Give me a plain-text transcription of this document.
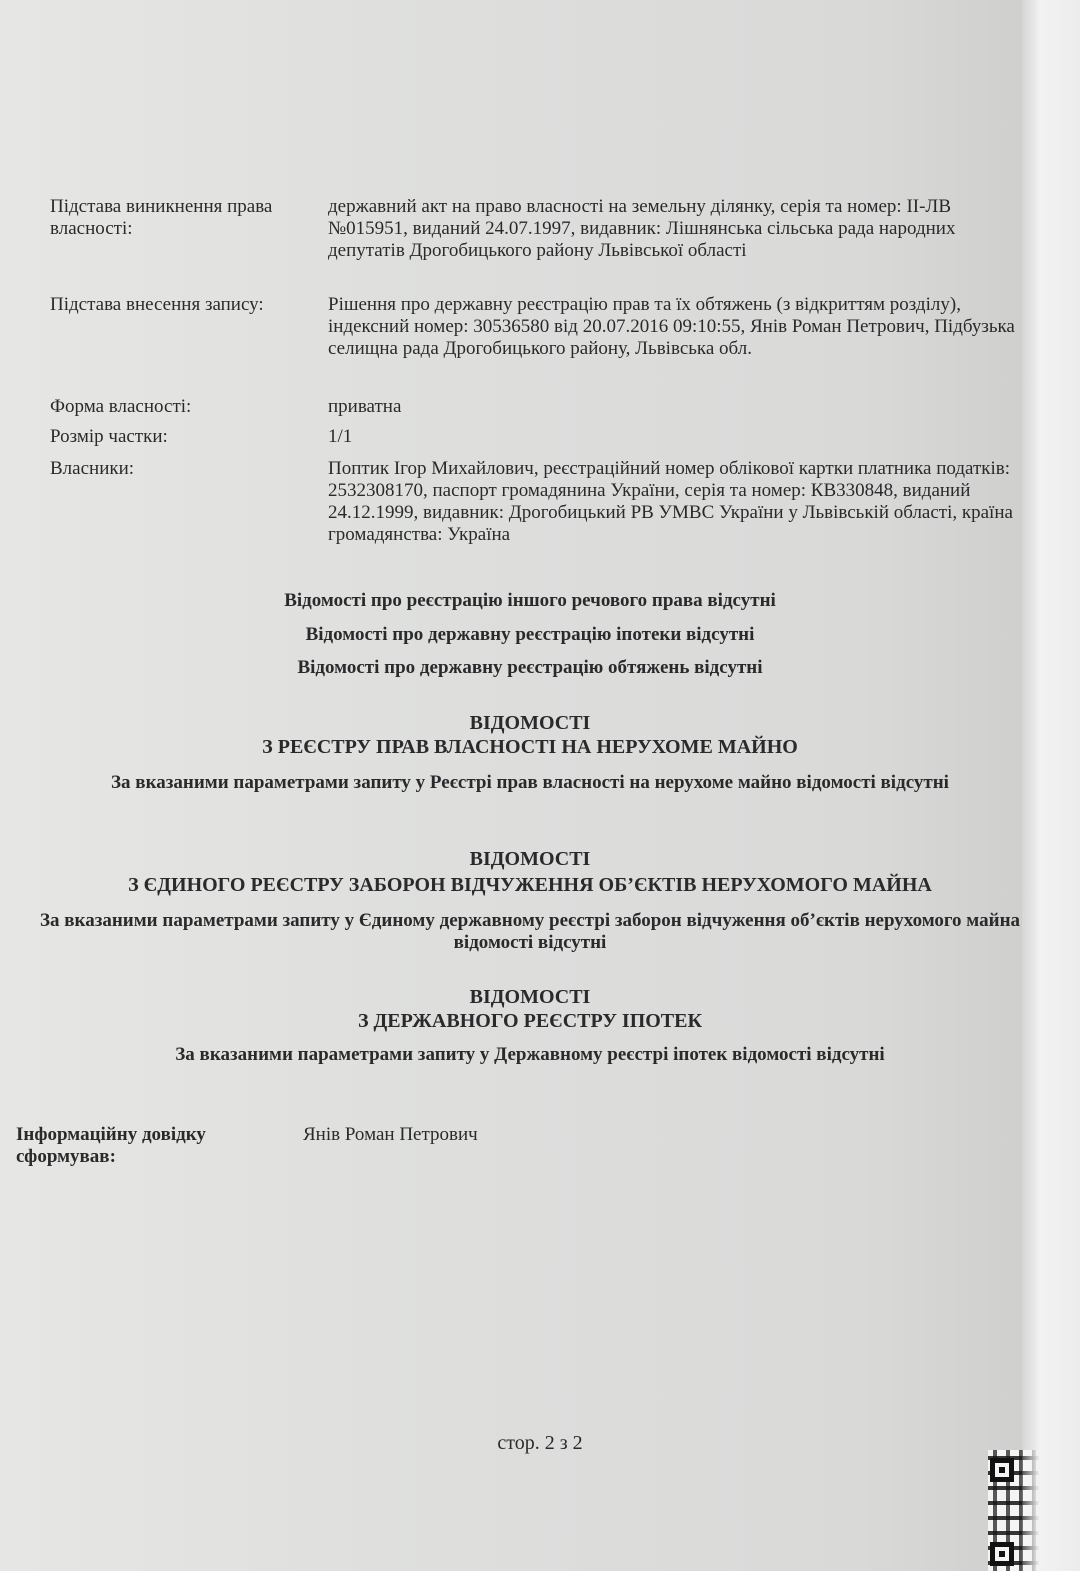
Підстава виникнення права власності:
державний акт на право власності на земельну ділянку, серія та номер: ІІ-ЛВ №015951, виданий 24.07.1997, видавник: Лішнянська сільська рада народних депутатів Дрогобицького району Львівської області
Підстава внесення запису:	Рішення про державну реєстрацію прав та їх обтяжень (з відкриттям розділу), індексний номер: 30536580 від 20.07.2016 09:10:55, Янів Роман Петрович, Підбузька селищна рада Дрогобицького району, Львівська обл.
Форма власності:	приватна
Розмір частки:	1/1
Власники:	Поптик Ігор Михайлович, реєстраційний номер облікової картки платника податків: 2532308170, паспорт громадянина України, серія та номер: КВ330848, виданий 24.12.1999, видавник: Дрогобицький РВ УМВС України у Львівській області, країна громадянства: Україна
Відомості про реєстрацію іншого речового права відсутні
Відомості про державну реєстрацію іпотеки відсутні
Відомості про державну реєстрацію обтяжень відсутні
ВІДОМОСТІ
З РЕЄСТРУ ПРАВ ВЛАСНОСТІ НА НЕРУХОМЕ МАЙНО
За вказаними параметрами запиту у Реєстрі прав власності на нерухоме майно відомості відсутні
ВІДОМОСТІ
З ЄДИНОГО РЕЄСТРУ ЗАБОРОН ВІДЧУЖЕННЯ ОБ’ЄКТІВ НЕРУХОМОГО МАЙНА
За вказаними параметрами запиту у Єдиному державному реєстрі заборон відчуження об’єктів нерухомого майна відомості відсутні
ВІДОМОСТІ
З ДЕРЖАВНОГО РЕЄСТРУ ІПОТЕК
За вказаними параметрами запиту у Державному реєстрі іпотек відомості відсутні
Інформаційну довідку сформував:
Янів Роман Петрович
стор. 2 з 2
